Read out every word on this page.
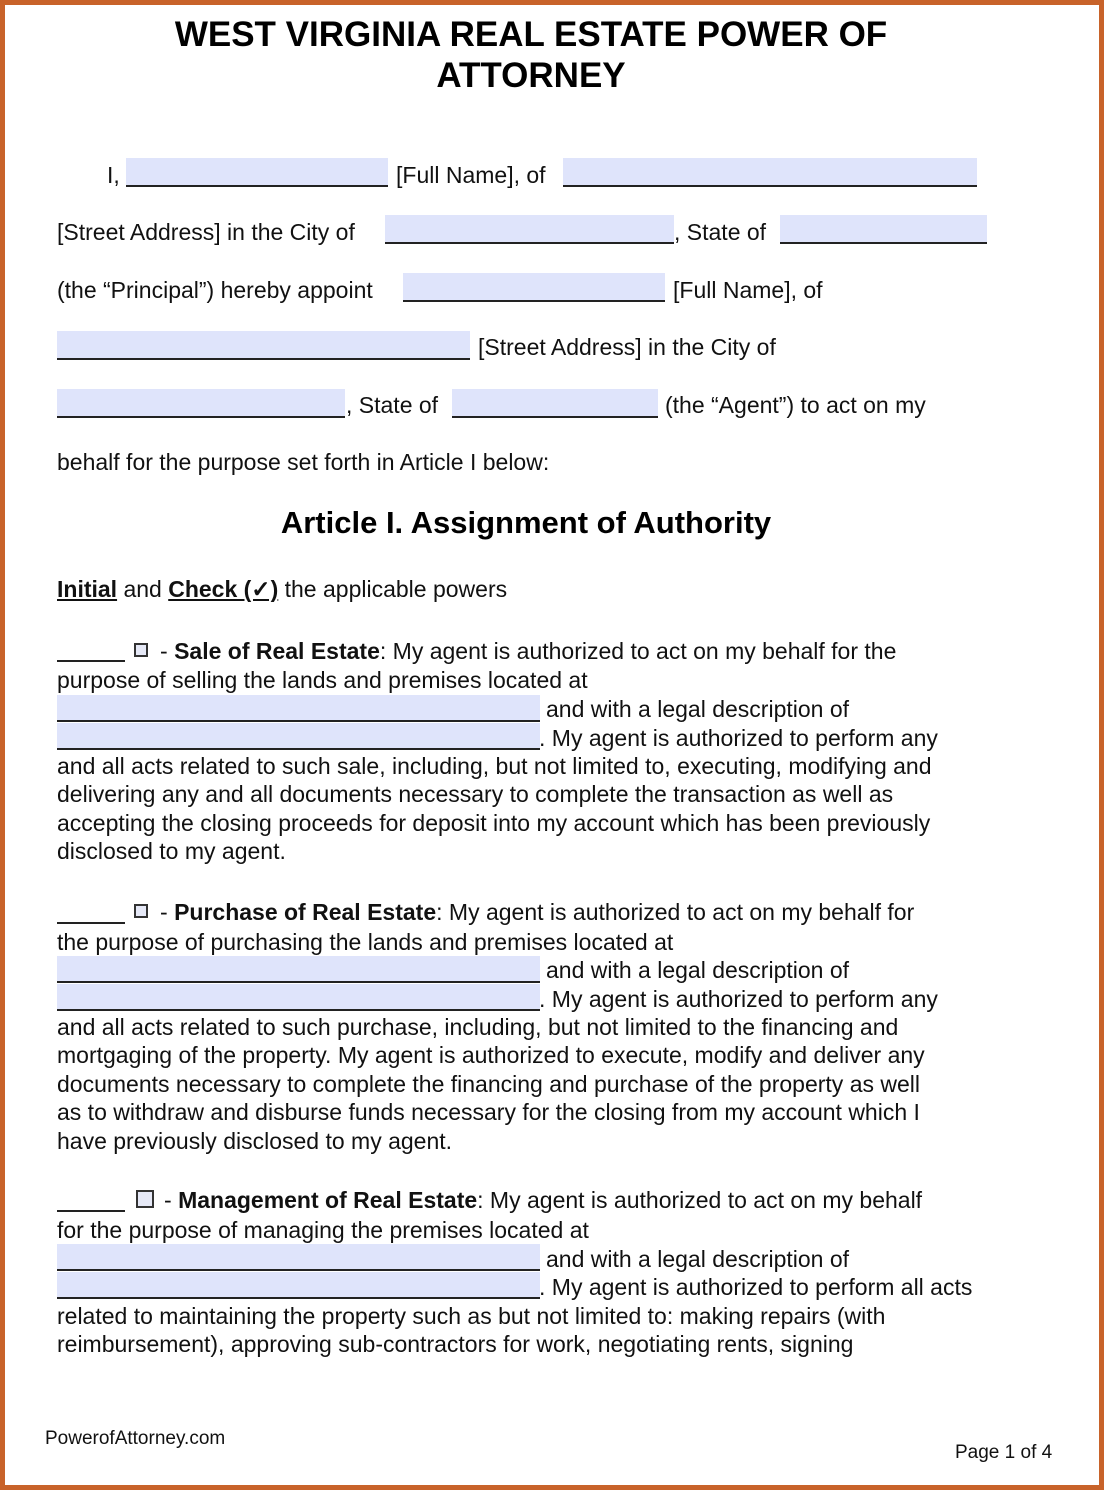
WEST VIRGINIA REAL ESTATE POWER OF
ATTORNEY
I,	[Full Name], of
[Street Address] in the City of	, State of
(the “Principal”) hereby appoint	[Full Name], of
[Street Address] in the City of
, State of	(the “Agent”) to act on my
behalf for the purpose set forth in Article I below:
Article I. Assignment of Authority
Initial and Check (✓) the applicable powers
- Sale of Real Estate: My agent is authorized to act on my behalf for the
purpose of selling the lands and premises located at
and with a legal description of
. My agent is authorized to perform any
and all acts related to such sale, including, but not limited to, executing, modifying and
delivering any and all documents necessary to complete the transaction as well as
accepting the closing proceeds for deposit into my account which has been previously
disclosed to my agent.
- Purchase of Real Estate: My agent is authorized to act on my behalf for
the purpose of purchasing the lands and premises located at
and with a legal description of
. My agent is authorized to perform any
and all acts related to such purchase, including, but not limited to the financing and
mortgaging of the property. My agent is authorized to execute, modify and deliver any
documents necessary to complete the financing and purchase of the property as well
as to withdraw and disburse funds necessary for the closing from my account which I
have previously disclosed to my agent.
- Management of Real Estate: My agent is authorized to act on my behalf
for the purpose of managing the premises located at
and with a legal description of
. My agent is authorized to perform all acts
related to maintaining the property such as but not limited to: making repairs (with
reimbursement), approving sub-contractors for work, negotiating rents, signing
PowerofAttorney.com
Page 1 of 4
